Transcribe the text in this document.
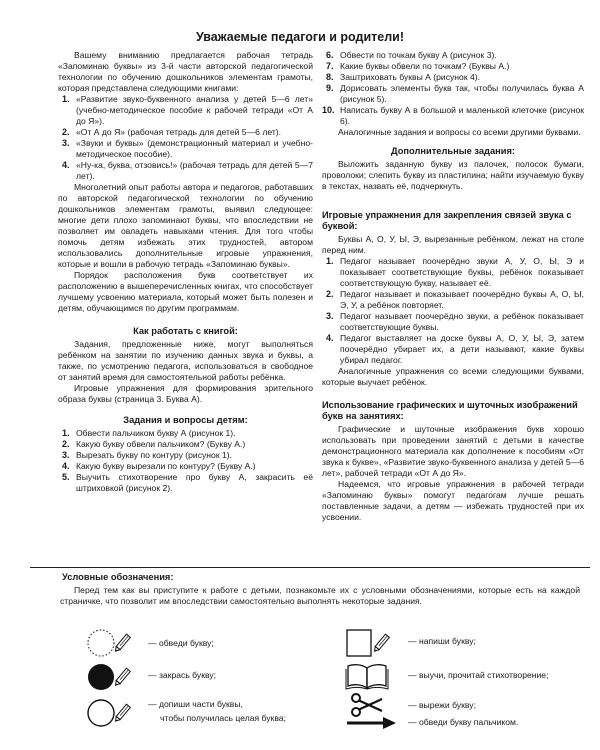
Уважаемые педагоги и родители!

Вашему вниманию предлагается рабочая тетрадь «Запоминаю буквы» из 3-й части авторской педагогической технологии по обучению дошкольников элементам грамоты, которая представлена следующими книгами:

1. «Развитие звуко-буквенного анализа у детей 5—6 лет» (учебно-методическое пособие к рабочей тетради «От А до Я»).
2. «От А до Я» (рабочая тетрадь для детей 5—6 лет).
3. «Звуки и буквы» (демонстрационный материал и учебно-методическое пособие).
4. «Ну-ка, буква, отзовись!» (рабочая тетрадь для детей 5—7 лет).

Многолетний опыт работы автора и педагогов, работавших по авторской педагогической технологии по обучению дошкольников элементам грамоты, выявил следующее: многие дети плохо запоминают буквы, что впоследствии не позволяет им овладеть навыками чтения. Для того чтобы помочь детям избежать этих трудностей, автором использовались дополнительные игровые упражнения, которые и вошли в рабочую тетрадь «Запоминаю буквы».

Порядок расположения букв соответствует их расположению в вышеперечисленных книгах, что способствует лучшему усвоению материала, который может быть полезен и детям, обучающимся по другим программам.

Как работать с книгой:

Задания, предложенные ниже, могут выполняться ребёнком на занятии по изучению данных звука и буквы, а также, по усмотрению педагога, использоваться в свободное от занятий время для самостоятельной работы ребёнка.

Игровые упражнения для формирования зрительного образа буквы (страница 3. Буква А).

Задания и вопросы детям:
1. Обвести пальчиком букву А (рисунок 1).
2. Какую букву обвели пальчиком? (Букву А.)
3. Вырезать букву по контуру (рисунок 1).
4. Какую букву вырезали по контуру? (Букву А.)
5. Выучить стихотворение про букву А, закрасить её штриховкой (рисунок 2).
6. Обвести по точкам букву А (рисунок 3).
7. Какие буквы обвели по точкам? (Буквы А.)
8. Заштриховать буквы А (рисунок 4).
9. Дорисовать элементы букв так, чтобы получилась буква А (рисунок 5).
10. Написать букву А в большой и маленькой клеточке (рисунок 6).

Аналогичные задания и вопросы со всеми другими буквами.

Дополнительные задания:

Выложить заданную букву из палочек, полосок бумаги, проволоки; слепить букву из пластилина; найти изучаемую букву в текстах, назвать её, подчеркнуть.

Игровые упражнения для закрепления связей звука с буквой:

Буквы А, О, У, Ы, Э, вырезанные ребёнком, лежат на столе перед ним.

1. Педагог называет поочерёдно звуки А, У, О, Ы, Э и показывает соответствующие буквы, ребёнок показывает соответствующую букву, называет её.
2. Педагог называет и показывает поочерёдно буквы А, О, Ы, Э, У, а ребёнок повторяет.
3. Педагог называет поочерёдно звуки, а ребёнок показывает соответствующие буквы.
4. Педагог выставляет на доске буквы А, О, У, Ы, Э, затем поочерёдно убирает их, а дети называют, какие буквы убирал педагог.

Аналогичные упражнения со всеми следующими буквами, которые выучает ребёнок.

Использование графических и шуточных изображений букв на занятиях:

Графические и шуточные изображения букв хорошо использовать при проведении занятий с детьми в качестве демонстрационного материала как дополнение к пособиям «От звука к букве», «Развитие звуко-буквенного анализа у детей 5—6 лет», рабочей тетради «От А до Я».

Надеемся, что игровые упражнения в рабочей тетради «Запоминаю буквы» помогут педагогам лучше решать поставленные задачи, а детям — избежать трудностей при их усвоении.

Условные обозначения:
Перед тем как вы приступите к работе с детьми, познакомьте их с условными обозначениями, которые есть на каждой страничке, что позволит им впоследствии самостоятельно выполнять некоторые задания.
— обведи букву;
— закрась букву;
— допиши части буквы,
чтобы получилась целая буква;
— напиши букву;
— выучи, прочитай стихотворение;
— вырежи букву;
— обведи букву пальчиком.
